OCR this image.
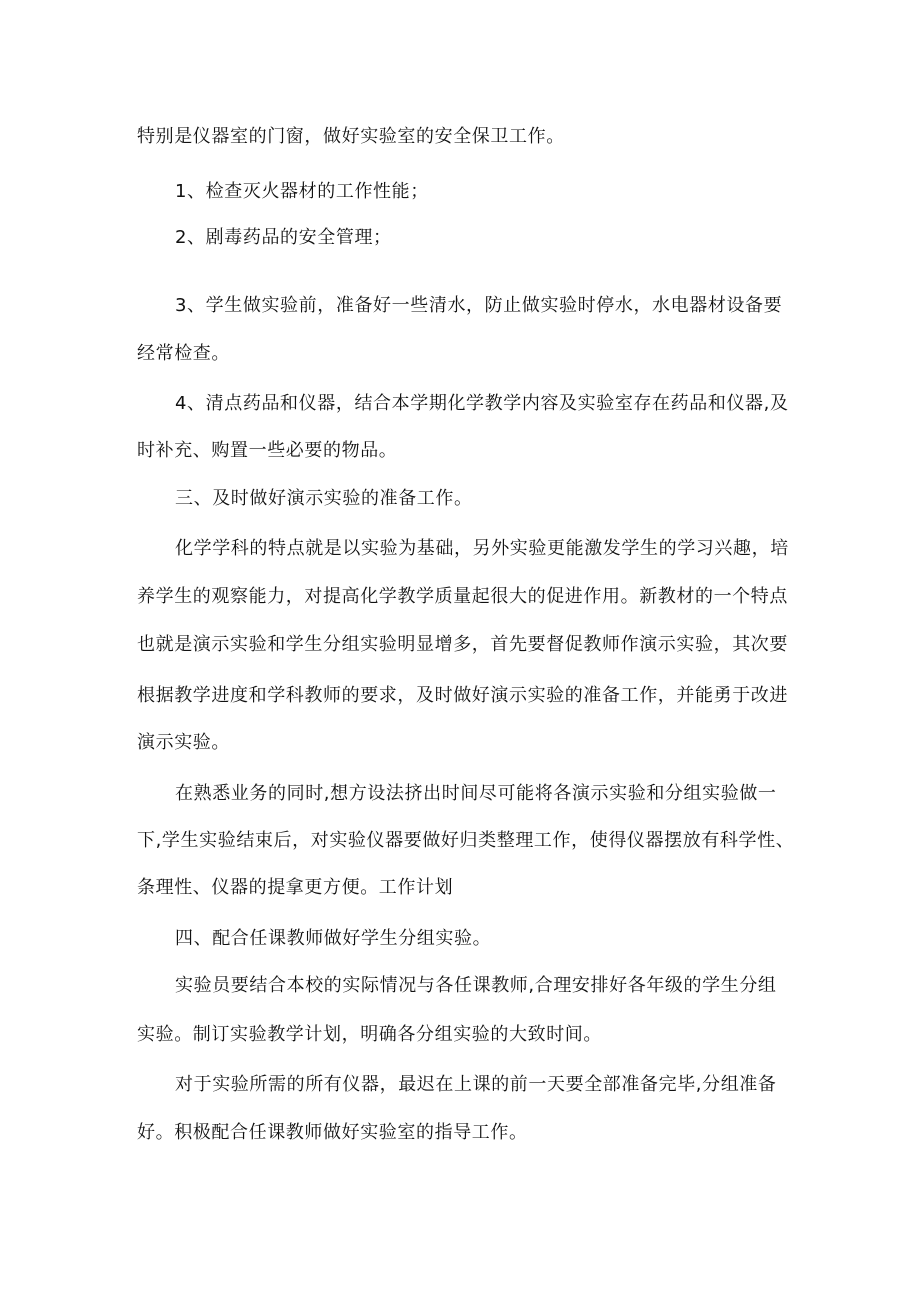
特别是仪器室的门窗，做好实验室的安全保卫工作。
1、检查灭火器材的工作性能；
2、剧毒药品的安全管理；
3、学生做实验前，准备好一些清水，防止做实验时停水，水电器材设备要
经常检查。
4、清点药品和仪器，结合本学期化学教学内容及实验室存在药品和仪器,及
时补充、购置一些必要的物品。
三、及时做好演示实验的准备工作。
化学学科的特点就是以实验为基础，另外实验更能激发学生的学习兴趣，培
养学生的观察能力，对提高化学教学质量起很大的促进作用。新教材的一个特点
也就是演示实验和学生分组实验明显增多，首先要督促教师作演示实验，其次要
根据教学进度和学科教师的要求，及时做好演示实验的准备工作，并能勇于改进
演示实验。
在熟悉业务的同时,想方设法挤出时间尽可能将各演示实验和分组实验做一
下,学生实验结束后，对实验仪器要做好归类整理工作，使得仪器摆放有科学性、
条理性、仪器的提拿更方便。工作计划
四、配合任课教师做好学生分组实验。
实验员要结合本校的实际情况与各任课教师,合理安排好各年级的学生分组
实验。制订实验教学计划，明确各分组实验的大致时间。
对于实验所需的所有仪器，最迟在上课的前一天要全部准备完毕,分组准备
好。积极配合任课教师做好实验室的指导工作。
